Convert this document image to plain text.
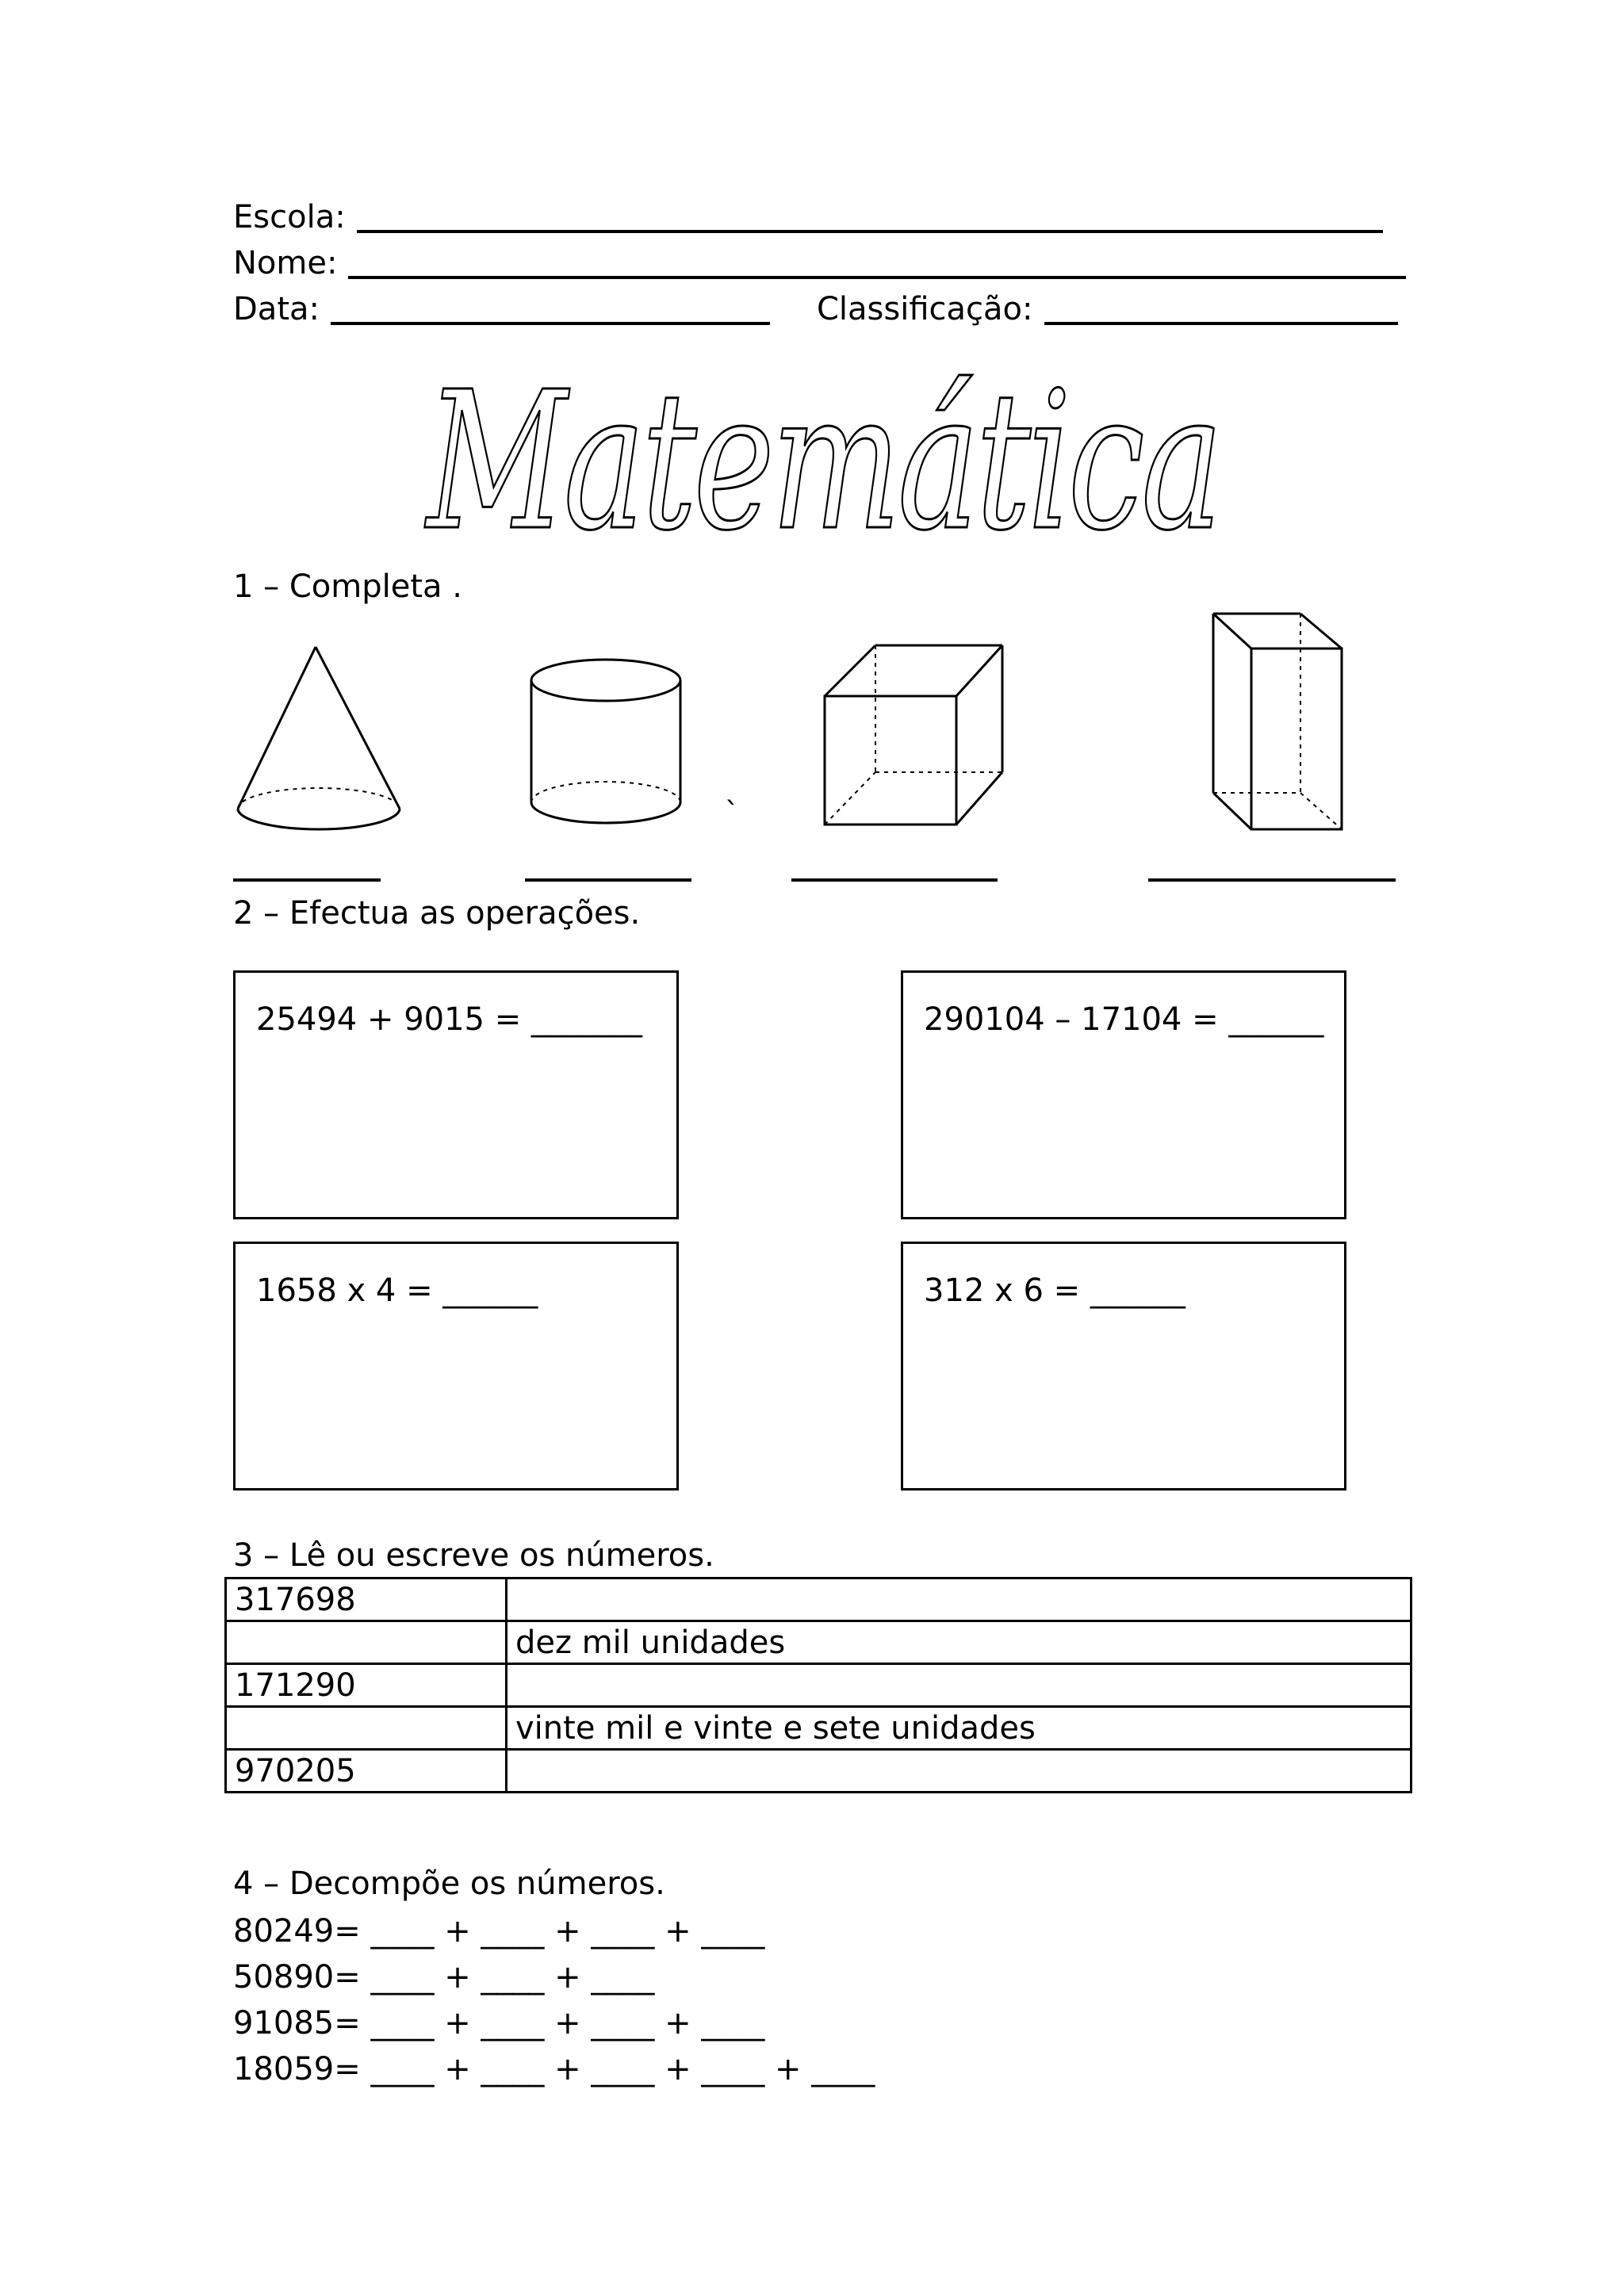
Escola:
Nome:
Data:	Classificação:
Matemática
1 – Completa .
`
2 – Efectua as operações.
25494 + 9015 = _______	290104 – 17104 = ______
1658 x 4 = ______	312 x 6 = ______
3 – Lê ou escreve os números.
317698	
	dez mil unidades
171290	
	vinte mil e vinte e sete unidades
970205	
4 – Decompõe os números.
80249= ____ + ____ + ____ + ____
50890= ____ + ____ + ____
91085= ____ + ____ + ____ + ____
18059= ____ + ____ + ____ + ____ + ____
